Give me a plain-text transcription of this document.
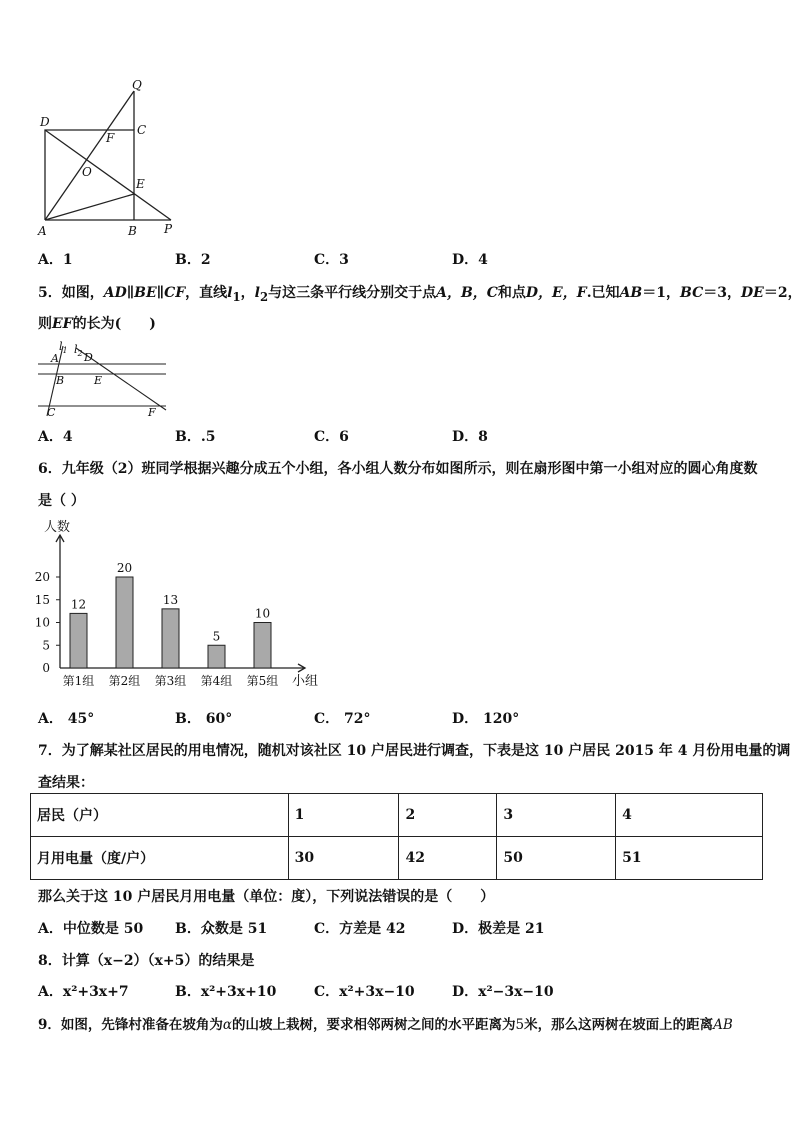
Q
D
C
F
O
E
A	B P
A．1	B．2	C．3	D．4
5．如图，AD∥BE∥CF，直线$l_1$，$l_2$与这三条平行线分别交于点A，B，C和点D，E，F.已知AB＝1，BC＝3，DE＝2，
则EF的长为(　　)
$l_1$ $l_2$
A D
B	E
C	F
A．4	B．.5	C．6	D．8
6．九年级（2）班同学根据兴趣分成五个小组，各小组人数分布如图所示，则在扇形图中第一小组对应的圆心角度数
是（ ）
人数
小组
0
5
10
15
20
12
第1组
20
第2组
13
第3组
5
第4组
10
第5组
A． 45°	B． 60°	C． 72°	D． 120°
7．为了解某社区居民的用电情况，随机对该社区 10 户居民进行调查，下表是这 10 户居民 2015 年 4 月份用电量的调
查结果：
居民（户）	1	2	3	4
月用电量（度/户）	30	42	50	51
那么关于这 10 户居民月用电量（单位：度），下列说法错误的是（　　）
A．中位数是 50 B．众数是 51	C．方差是 42	D．极差是 21
8．计算（x−2）（x+5）的结果是
A．x²+3x+7	B．x²+3x+10	C．x²+3x−10	D．x²−3x−10
9．如图，先锋村准备在坡角为α的山坡上栽树，要求相邻两树之间的水平距离为5米，那么这两树在坡面上的距离AB
